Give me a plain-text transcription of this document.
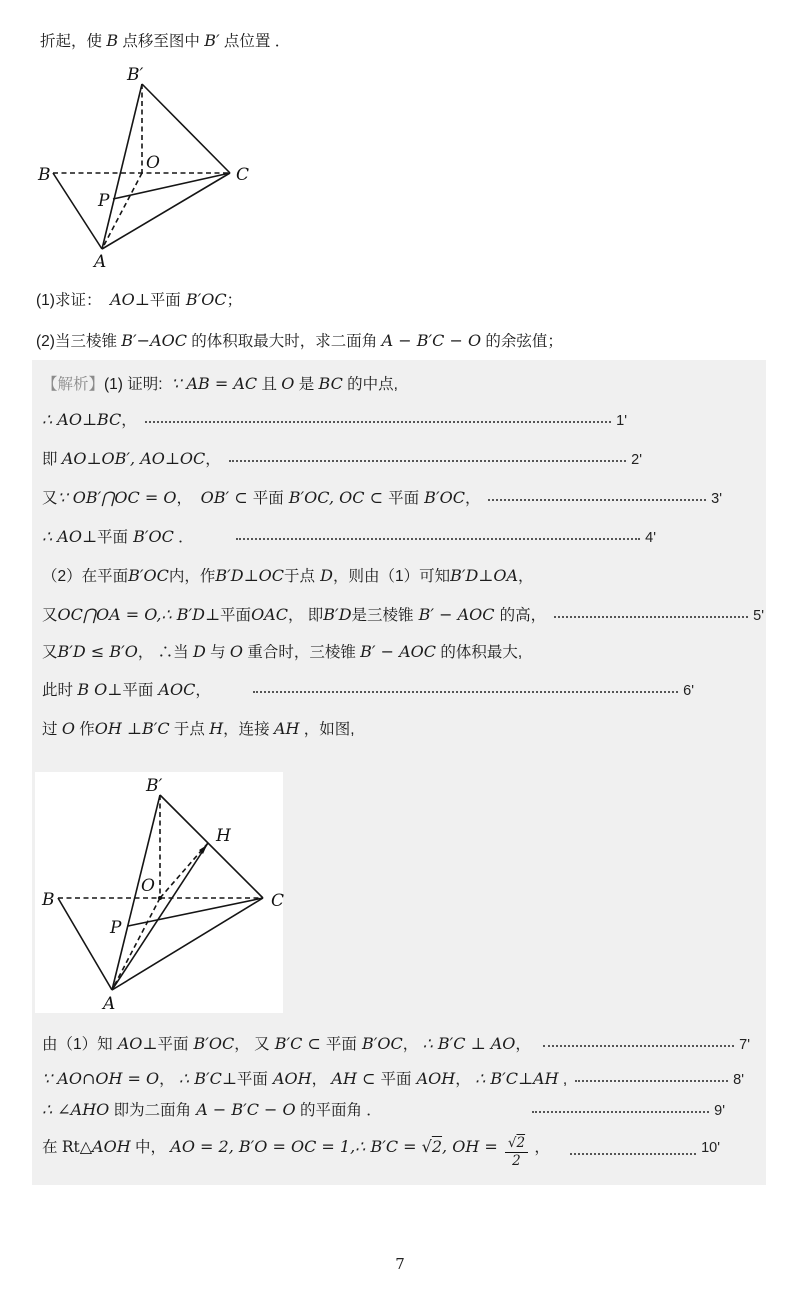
折起，使 B 点移至图中 B′ 点位置 ．
B′
B	C
O
A
P
(1)求证： AO⊥ 平面 B′OC ；
(2)当三棱锥 B′−AOC 的体积取最大时，求二面角 A − B′C − O 的余弦值；
【解析】 (1) 证明: ∵ AB = AC 且 O 是 BC 的中点,
∴ AO⊥BC ，	1'
即 AO⊥OB′, AO⊥OC ，	2'
又 ∵ OB′⋂OC = O ， OB′ ⊂ 平面 B′OC, OC ⊂ 平面 B′OC ，	3'
∴ AO⊥ 平面 B′OC ．	4'
（2）在平面 B′OC 内，作 B′D⊥OC 于点 D ，则由（1）可知 B′D⊥OA ，
又 OC⋂OA = O,∴ B′D⊥ 平面 OAC ， 即 B′D 是三棱锥 B′ − AOC 的高，	5'
又 B′D ≤ B′O ， ∴当 D 与 O 重合时，三棱锥 B′ − AOC 的体积最大,
此时 B O⊥ 平面 AOC ，	6'
过 O 作 OH ⊥B′C 于点 H ，连接 AH ，如图,
由（1）知 AO⊥ 平面 B′OC ， 又 B′C ⊂ 平面 B′OC ， ∴ B′C ⊥ AO ，	7'
∵ AO∩OH = O ， ∴ B′C⊥ 平面 AOH ， AH ⊂ 平面 AOH ， ∴ B′C⊥AH ,	8'
∴ ∠AHO 即为二面角 A − B′C − O 的平面角 ．	9'
在 Rt △AOH 中， AO = 2, B′O = OC = 1,∴ B′C = √2 , OH = $\frac{√2}{2}$ ，	10'
B′
H
B	C
O
A
P
7
